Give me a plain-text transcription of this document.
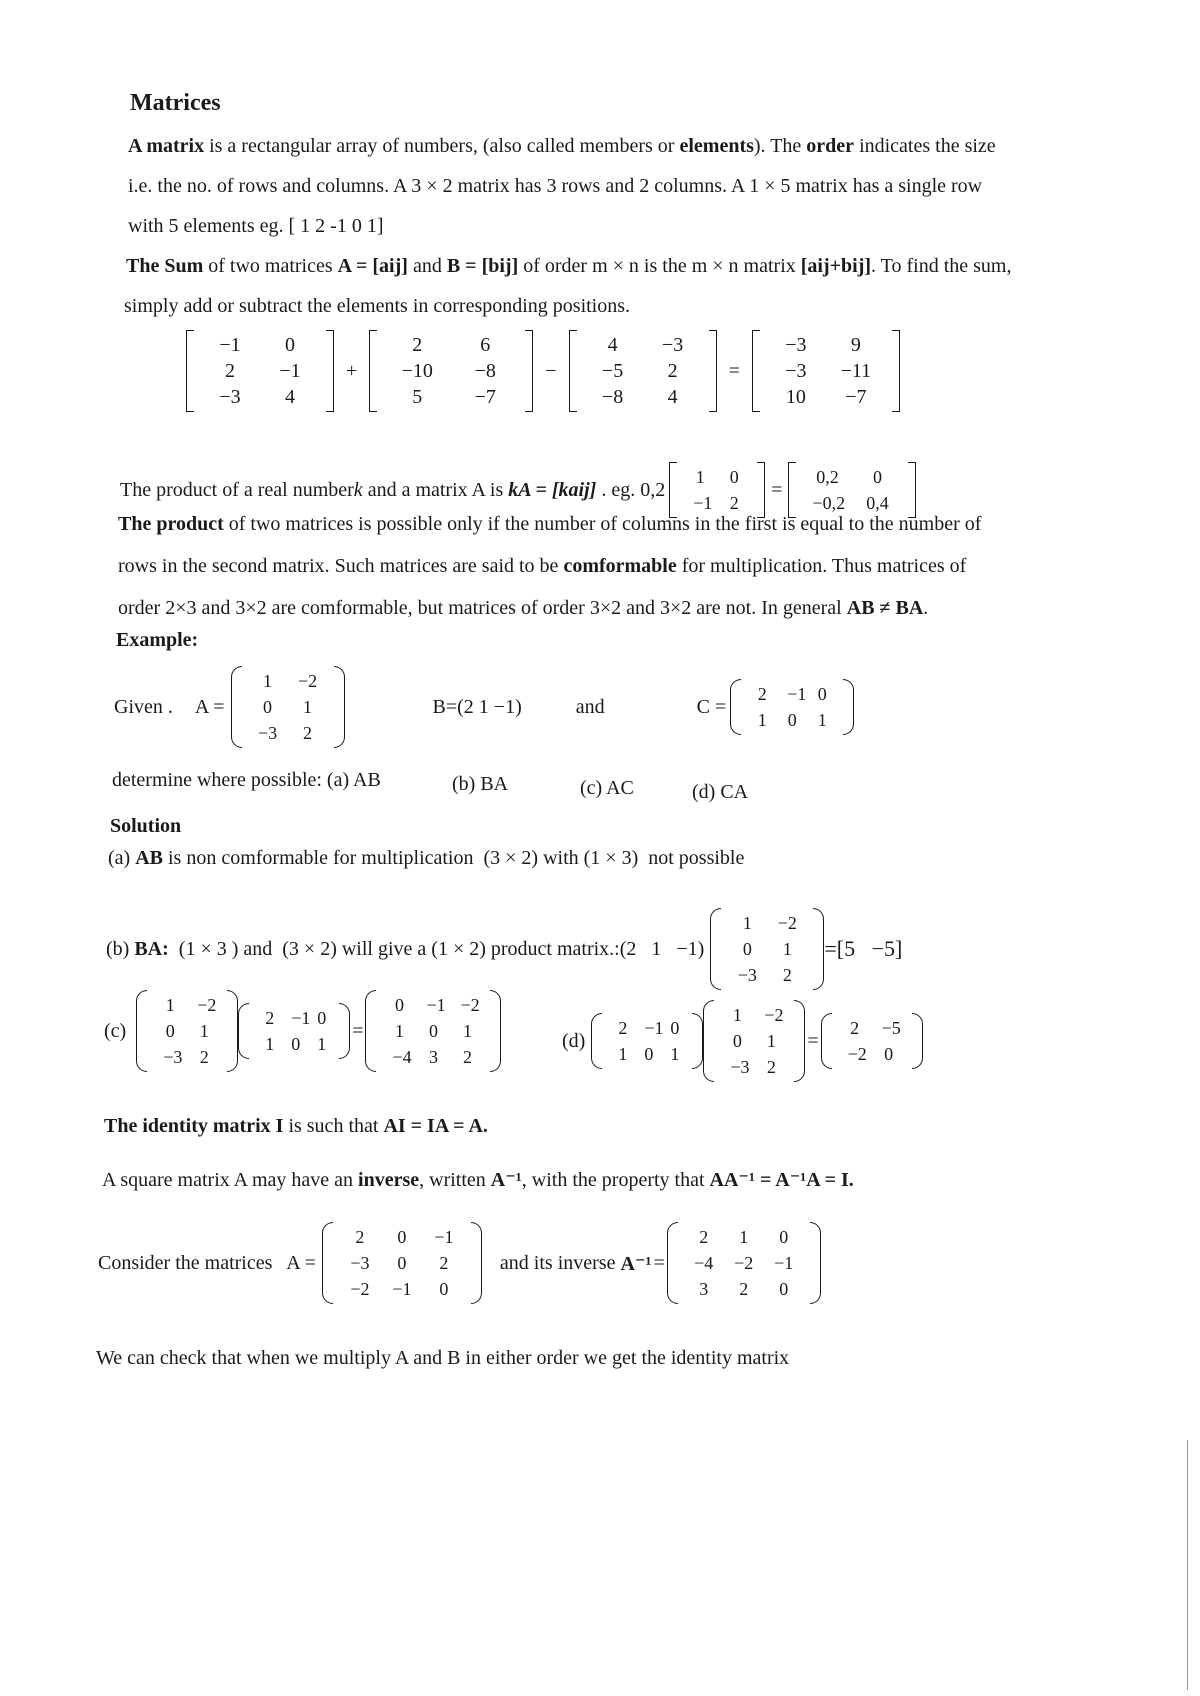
Matrices
A matrix is a rectangular array of numbers, (also called members or elements). The order indicates the size
i.e. the no. of rows and columns. A 3 × 2 matrix has 3 rows and 2 columns. A 1 × 5 matrix has a single row
with 5 elements eg. [ 1 2 -1 0 1]
The Sum of two matrices A = [aij] and B = [bij] of order m × n is the m × n matrix [aij+bij]. To find the sum,
simply add or subtract the elements in corresponding positions.
−1	0
2	−1
−3	4
+
2	6
−10	−8
5	−7
−
4	−3
−5	2
−8	4
=
−3	9
−3	−11
10	−7
The product of a real number k and a matrix A is kA = [kaij] . eg. 0,2
1	0
−1 2
=
0,2	0
−0,2	0,4
The product of two matrices is possible only if the number of columns in the first is equal to the number of
rows in the second matrix. Such matrices are said to be comformable for multiplication. Thus matrices of
order 2×3 and 3×2 are comformable, but matrices of order 3×2 and 3×2 are not. In general AB ≠ BA.
Example:
Given . A =
1	−2
0	1
−3	2
B=(2 1 −1)	and	C =
2	−1 0
1	0	1
determine where possible: (a) AB	(b) BA	(c) AC	(d) CA
Solution
(a) AB is non comformable for multiplication  (3 × 2) with (1 × 3)  not possible
(b) BA: (1 × 3 ) and  (3 × 2) will give a (1 × 2) product matrix.:(2   1   −1)
1	−2
0	1
−3	2
=[5   −5]
(c)
1	−2
0	1
−3 2
2 −1 0
1 0 1
=
0	−1 −2
1	0	1
−4 3	2
(d)
2 −1 0
1 0 1
1	−2
0	1
−3 2
=
2	−5
−2 0
The identity matrix I is such that AI = IA = A.
A square matrix A may have an inverse, written A⁻¹, with the property that AA⁻¹ = A⁻¹A = I.
Consider the matrices   A =
2	0	−1
−3	0	2
−2	−1	0
and its inverse A⁻¹ =
2	1	0
−4	−2	−1
3	2	0
We can check that when we multiply A and B in either order we get the identity matrix
